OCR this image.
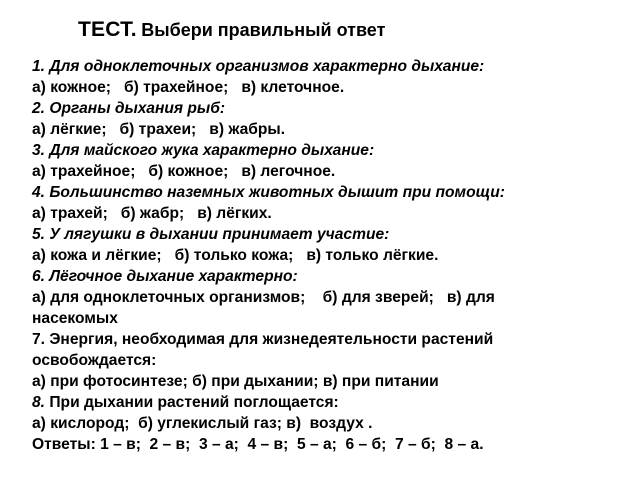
ТЕСТ. Выбери правильный ответ
1. Для одноклеточных организмов характерно дыхание:
а) кожное;   б) трахейное;   в) клеточное.
2. Органы дыхания рыб:
а) лёгкие;   б) трахеи;   в) жабры.
3. Для майского жука характерно дыхание:
а) трахейное;   б) кожное;   в) легочное.
4. Большинство наземных животных дышит при помощи:
а) трахей;   б) жабр;   в) лёгких.
5. У лягушки в дыхании принимает участие:
а) кожа и лёгкие;   б) только кожа;   в) только лёгкие.
6. Лёгочное дыхание характерно:
а) для одноклеточных организмов;    б) для зверей;   в) для
насекомых
7. Энергия, необходимая для жизнедеятельности растений
освобождается:
а) при фотосинтезе; б) при дыхании; в) при питании
8. При дыхании растений поглощается:
а) кислород;  б) углекислый газ; в)  воздух .
Ответы: 1 – в;  2 – в;  3 – а;  4 – в;  5 – а;  6 – б;  7 – б;  8 – а.
